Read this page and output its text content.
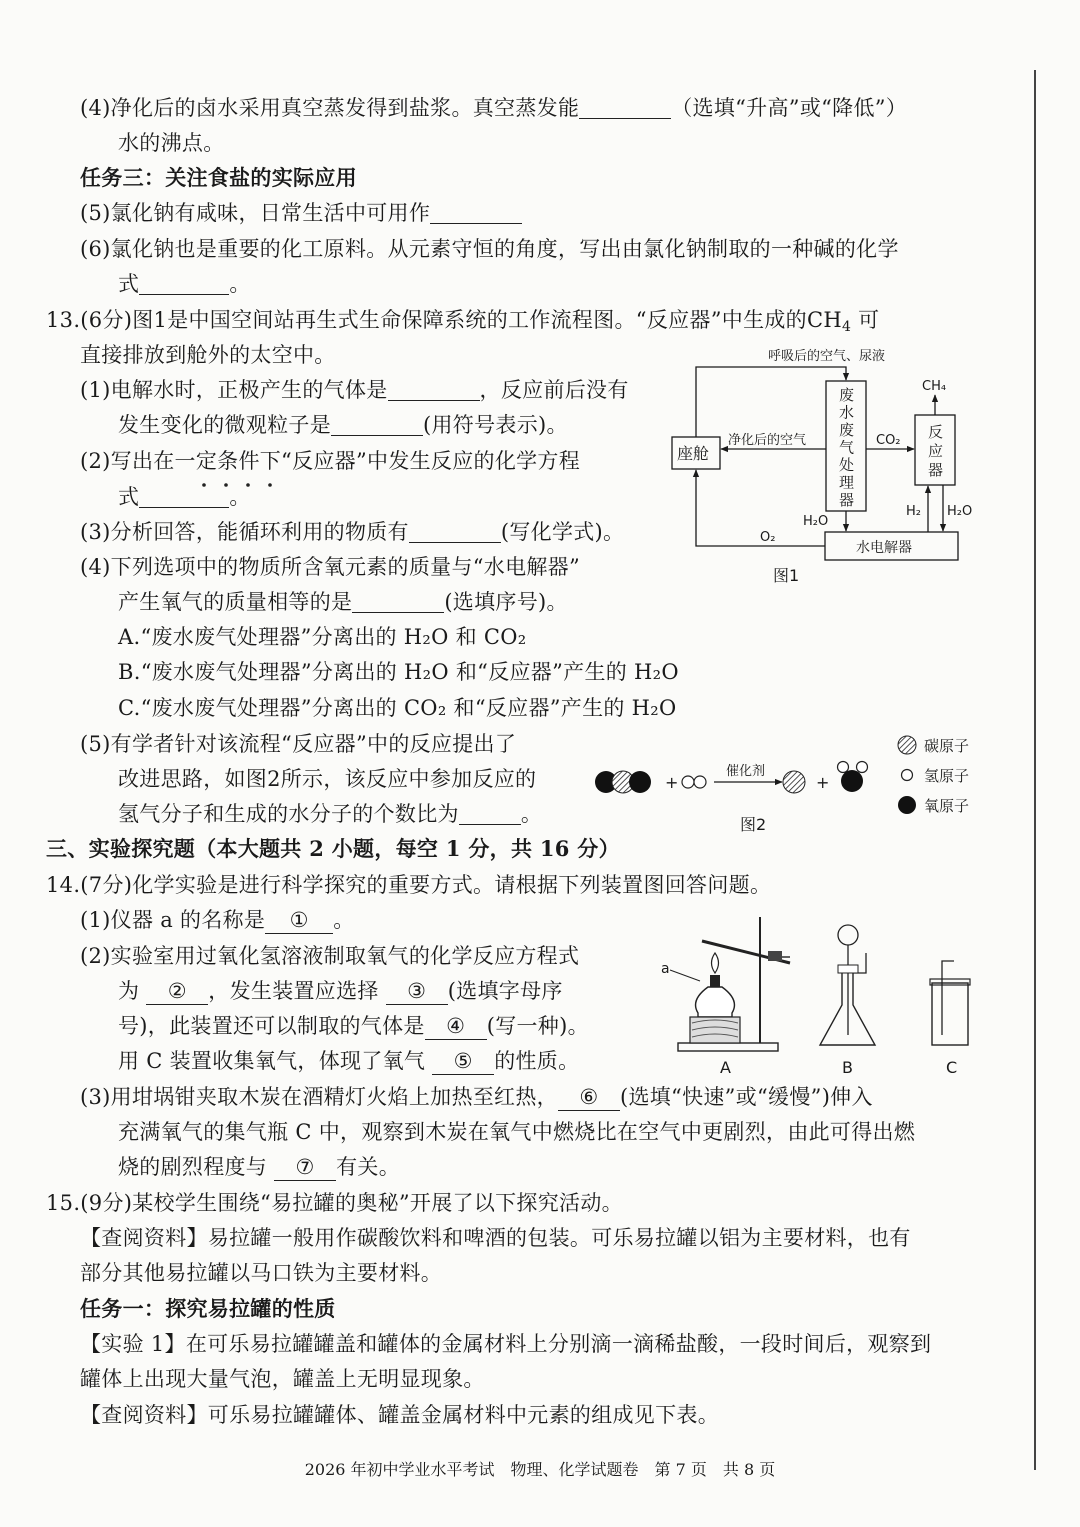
(4)净化后的卤水采用真空蒸发得到盐浆。真空蒸发能	（选填“升高”或“降低”）
水的沸点。
任务三：关注食盐的实际应用
(5)氯化钠有咸味，日常生活中可用作
(6)氯化钠也是重要的化工原料。从元素守恒的角度，写出由氯化钠制取的一种碱的化学
式	。
13.(6分)图1是中国空间站再生式生命保障系统的工作流程图。“反应器”中生成的$CH_4$ 可
直接排放到舱外的太空中。
(1)电解水时，正极产生的气体是	，反应前后没有
发生变化的微观粒子是	(用符号表示)。
(2)写出在一定条件下“反应器”中发生反应的化学方程
式	。
(3)分析回答，能循环利用的物质有	(写化学式)。
(4)下列选项中的物质所含氧元素的质量与“水电解器”
产生氧气的质量相等的是	(选填序号)。
A.“废水废气处理器”分离出的 H₂O 和 CO₂
B.“废水废气处理器”分离出的 H₂O 和“反应器”产生的 H₂O
C.“废水废气处理器”分离出的 CO₂ 和“反应器”产生的 H₂O
(5)有学者针对该流程“反应器”中的反应提出了
改进思路，如图2所示，该反应中参加反应的
氢气分子和生成的水分子的个数比为	。
呼吸后的空气、尿液
座舱
废
水
废
气
处
理
器
净化后的空气	CO₂ 反
应
器
CH₄
水电解器
H₂O
H₂ H₂O
O₂
图1
+
催化剂
+
图2
碳原子
氢原子
氧原子
三、实验探究题（本大题共 2 小题，每空 1 分，共 16 分）
14.(7分)化学实验是进行科学探究的重要方式。请根据下列装置图回答问题。
(1)仪器 a 的名称是 ① 。
(2)实验室用过氧化氢溶液制取氧气的化学反应方程式
为 ② ，发生装置应选择 ③ (选填字母序
号)，此装置还可以制取的气体是 ④ (写一种)。
用 C 装置收集氧气，体现了氧气 ⑤ 的性质。
(3)用坩埚钳夹取木炭在酒精灯火焰上加热至红热， ⑥ (选填“快速”或“缓慢”)伸入
充满氧气的集气瓶 C 中，观察到木炭在氧气中燃烧比在空气中更剧烈，由此可得出燃
烧的剧烈程度与 ⑦ 有关。
a
A	B	C
15.(9分)某校学生围绕“易拉罐的奥秘”开展了以下探究活动。
【查阅资料】易拉罐一般用作碳酸饮料和啤酒的包装。可乐易拉罐以铝为主要材料，也有
部分其他易拉罐以马口铁为主要材料。
任务一：探究易拉罐的性质
【实验 1】在可乐易拉罐罐盖和罐体的金属材料上分别滴一滴稀盐酸，一段时间后，观察到
罐体上出现大量气泡，罐盖上无明显现象。
【查阅资料】可乐易拉罐罐体、罐盖金属材料中元素的组成见下表。
2026 年初中学业水平考试　物理、化学试题卷　第 7 页　共 8 页
